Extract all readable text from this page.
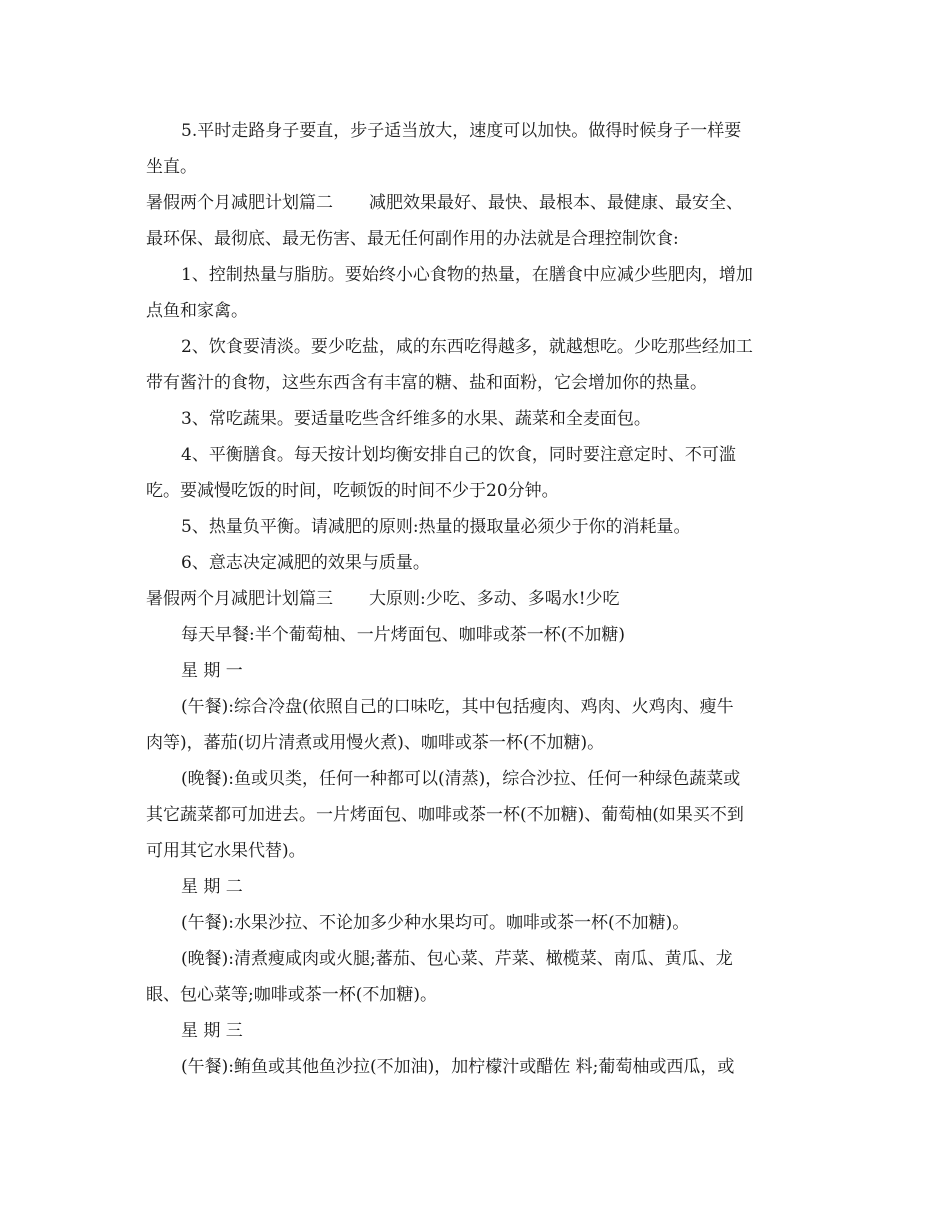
5.平时走路身子要直，步子适当放大，速度可以加快。做得时候身子一样要
坐直。
暑假两个月减肥计划篇二 减肥效果最好、最快、最根本、最健康、最安全、
最环保、最彻底、最无伤害、最无任何副作用的办法就是合理控制饮食:
1、控制热量与脂肪。要始终小心食物的热量，在膳食中应减少些肥肉，增加
点鱼和家禽。
2、饮食要清淡。要少吃盐，咸的东西吃得越多，就越想吃。少吃那些经加工
带有酱汁的食物，这些东西含有丰富的糖、盐和面粉，它会增加你的热量。
3、常吃蔬果。要适量吃些含纤维多的水果、蔬菜和全麦面包。
4、平衡膳食。每天按计划均衡安排自己的饮食，同时要注意定时、不可滥
吃。要减慢吃饭的时间，吃顿饭的时间不少于20分钟。
5、热量负平衡。请减肥的原则:热量的摄取量必须少于你的消耗量。
6、意志决定减肥的效果与质量。
暑假两个月减肥计划篇三 大原则:少吃、多动、多喝水!少吃
每天早餐:半个葡萄柚、一片烤面包、咖啡或茶一杯(不加糖)
星 期 一
(午餐):综合冷盘(依照自己的口味吃，其中包括瘦肉、鸡肉、火鸡肉、瘦牛
肉等)，蕃茄(切片清煮或用慢火煮)、咖啡或茶一杯(不加糖)。
(晚餐):鱼或贝类，任何一种都可以(清蒸)，综合沙拉、任何一种绿色蔬菜或
其它蔬菜都可加进去。一片烤面包、咖啡或茶一杯(不加糖)、葡萄柚(如果买不到
可用其它水果代替)。
星 期 二
(午餐):水果沙拉、不论加多少种水果均可。咖啡或茶一杯(不加糖)。
(晚餐):清煮瘦咸肉或火腿;蕃茄、包心菜、芹菜、橄榄菜、南瓜、黄瓜、龙
眼、包心菜等;咖啡或茶一杯(不加糖)。
星 期 三
(午餐):鲔鱼或其他鱼沙拉(不加油)，加柠檬汁或醋佐 料;葡萄柚或西瓜，或
